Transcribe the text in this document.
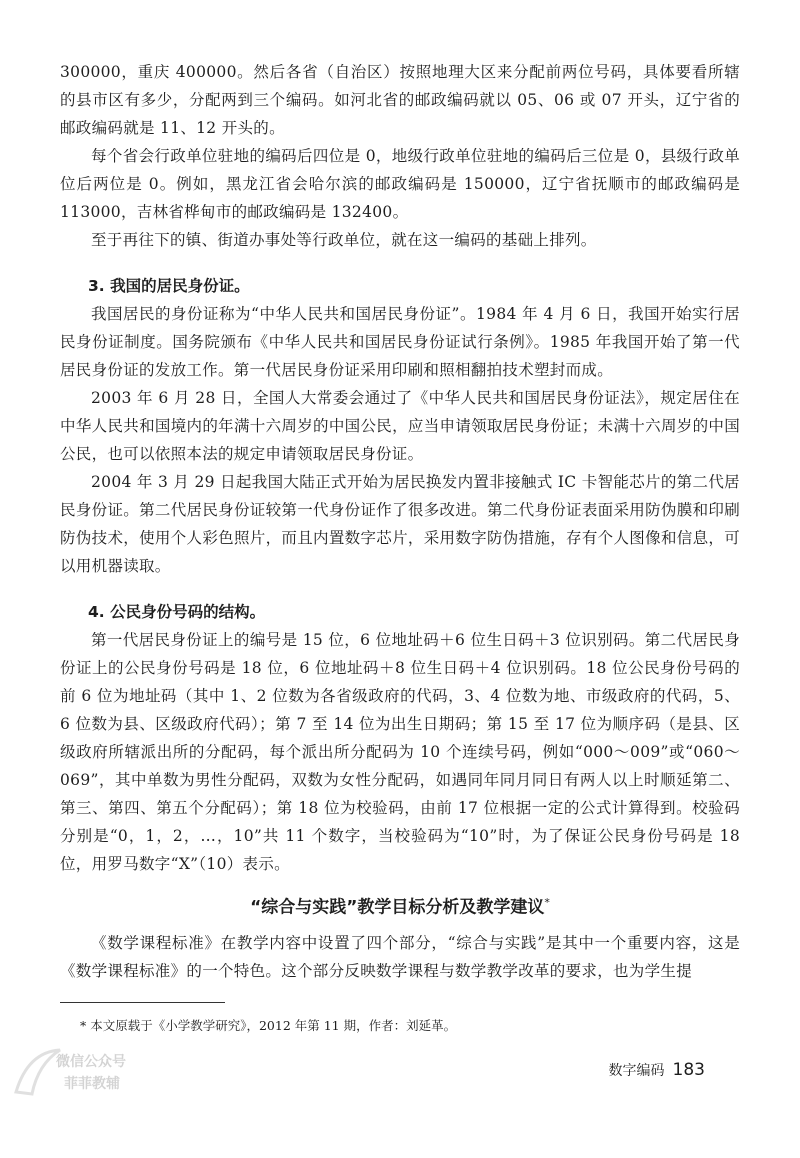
300000，重庆 400000。然后各省（自治区）按照地理大区来分配前两位号码，具体要看所辖的县市区有多少，分配两到三个编码。如河北省的邮政编码就以 05、06 或 07 开头，辽宁省的邮政编码就是 11、12 开头的。

每个省会行政单位驻地的编码后四位是 0，地级行政单位驻地的编码后三位是 0，县级行政单位后两位是 0。例如，黑龙江省会哈尔滨的邮政编码是 150000，辽宁省抚顺市的邮政编码是 113000，吉林省桦甸市的邮政编码是 132400。

至于再往下的镇、街道办事处等行政单位，就在这一编码的基础上排列。

3. 我国的居民身份证。

我国居民的身份证称为“中华人民共和国居民身份证”。1984 年 4 月 6 日，我国开始实行居民身份证制度。国务院颁布《中华人民共和国居民身份证试行条例》。1985 年我国开始了第一代居民身份证的发放工作。第一代居民身份证采用印刷和照相翻拍技术塑封而成。

2003 年 6 月 28 日，全国人大常委会通过了《中华人民共和国居民身份证法》，规定居住在中华人民共和国境内的年满十六周岁的中国公民，应当申请领取居民身份证；未满十六周岁的中国公民，也可以依照本法的规定申请领取居民身份证。

2004 年 3 月 29 日起我国大陆正式开始为居民换发内置非接触式 IC 卡智能芯片的第二代居民身份证。第二代居民身份证较第一代身份证作了很多改进。第二代身份证表面采用防伪膜和印刷防伪技术，使用个人彩色照片，而且内置数字芯片，采用数字防伪措施，存有个人图像和信息，可以用机器读取。

4. 公民身份号码的结构。

第一代居民身份证上的编号是 15 位，6 位地址码＋6 位生日码＋3 位识别码。第二代居民身份证上的公民身份号码是 18 位，6 位地址码＋8 位生日码＋4 位识别码。18 位公民身份号码的前 6 位为地址码（其中 1、2 位数为各省级政府的代码，3、4 位数为地、市级政府的代码，5、6 位数为县、区级政府代码）；第 7 至 14 位为出生日期码；第 15 至 17 位为顺序码（是县、区级政府所辖派出所的分配码，每个派出所分配码为 10 个连续号码，例如“000～009”或“060～069”，其中单数为男性分配码，双数为女性分配码，如遇同年同月同日有两人以上时顺延第二、第三、第四、第五个分配码）；第 18 位为校验码，由前 17 位根据一定的公式计算得到。校验码分别是“0，1，2，…，10”共 11 个数字，当校验码为“10”时，为了保证公民身份号码是 18 位，用罗马数字“X”（10）表示。

“综合与实践”教学目标分析及教学建议*

《数学课程标准》在教学内容中设置了四个部分，“综合与实践”是其中一个重要内容，这是《数学课程标准》的一个特色。这个部分反映数学课程与数学教学改革的要求，也为学生提

* 本文原载于《小学教学研究》，2012 年第 11 期，作者：刘延革。
数字编码 183
微信公众号
菲菲教辅
